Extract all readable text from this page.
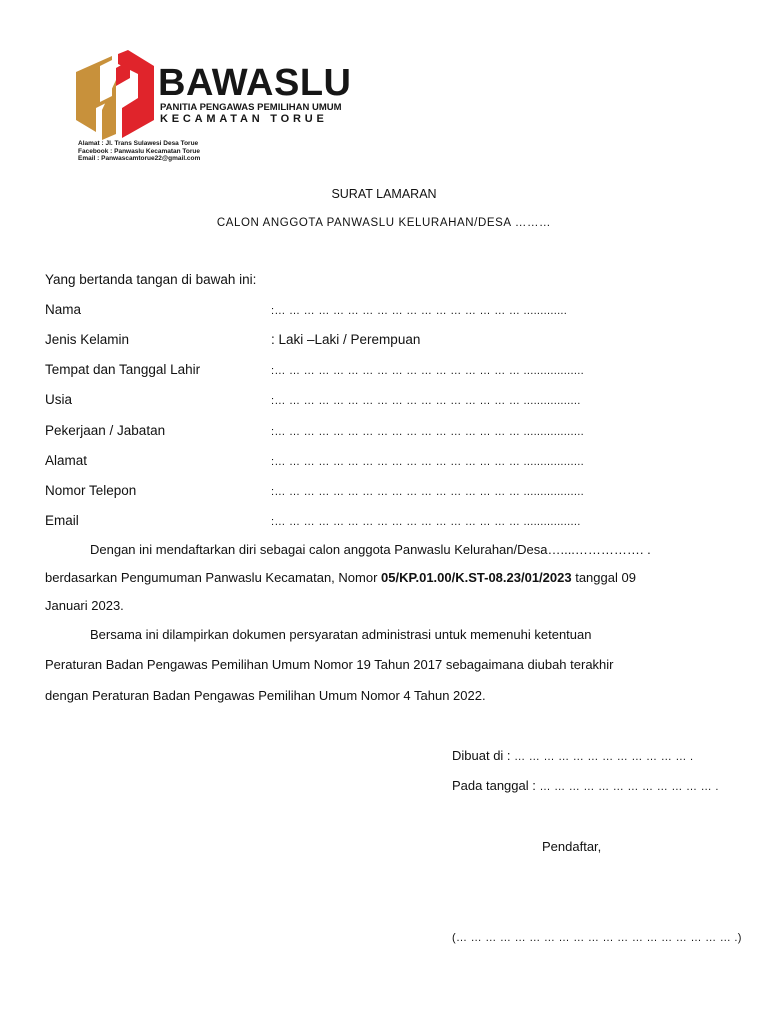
BAWASLU
PANITIA PENGAWAS PEMILIHAN UMUM
KECAMATAN TORUE
Alamat : Jl. Trans Sulawesi Desa Torue
Facebook : Panwaslu Kecamatan Torue
Email : Panwascamtorue22@gmail.com
SURAT LAMARAN
CALON ANGGOTA PANWASLU KELURAHAN/DESA ………
Yang bertanda tangan di bawah ini:
Nama	:… … … … … … … … … … … … … … … … … .............
Jenis Kelamin	: Laki –Laki / Perempuan
Tempat dan Tanggal Lahir	:… … … … … … … … … … … … … … … … … ..................
Usia	:… … … … … … … … … … … … … … … … … .................
Pekerjaan / Jabatan	:… … … … … … … … … … … … … … … … … ..................
Alamat	:… … … … … … … … … … … … … … … … … ..................
Nomor Telepon	:… … … … … … … … … … … … … … … … … ..................
Email	:… … … … … … … … … … … … … … … … … .................
Dengan ini mendaftarkan diri sebagai calon anggota Panwaslu Kelurahan/Desa…....……………. .
berdasarkan Pengumuman Panwaslu Kecamatan, Nomor 05/KP.01.00/K.ST-08.23/01/2023 tanggal 09
Januari 2023.
Bersama ini dilampirkan dokumen persyaratan administrasi untuk memenuhi ketentuan
Peraturan Badan Pengawas Pemilihan Umum Nomor 19 Tahun 2017 sebagaimana diubah terakhir
dengan Peraturan Badan Pengawas Pemilihan Umum Nomor 4 Tahun 2022.
Dibuat di : … … … … … … … … … … … … .
Pada tanggal : … … … … … … … … … … … … .
Pendaftar,
(… … … … … … … … … … … … … … … … … … … .)
